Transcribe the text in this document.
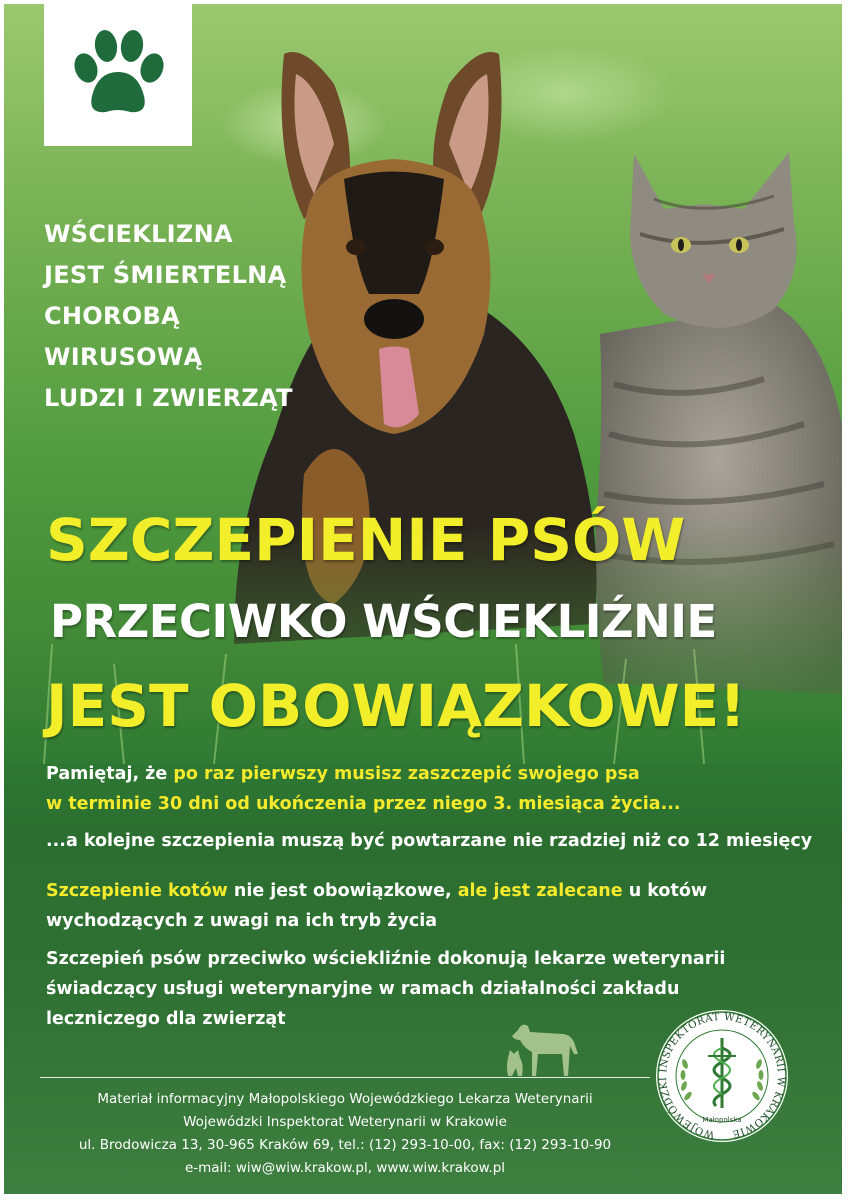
WŚCIEKLIZNA
JEST ŚMIERTELNĄ
CHOROBĄ
WIRUSOWĄ
LUDZI I ZWIERZĄT
SZCZEPIENIE PSÓW
PRZECIWKO WŚCIEKLIŹNIE
JEST OBOWIĄZKOWE!
Pamiętaj, że po raz pierwszy musisz zaszczepić swojego psa
w terminie 30 dni od ukończenia przez niego 3. miesiąca życia...
...a kolejne szczepienia muszą być powtarzane nie rzadziej niż co 12 miesięcy
Szczepienie kotów nie jest obowiązkowe, ale jest zalecane u kotów
wychodzących z uwagi na ich tryb życia
Szczepień psów przeciwko wściekliźnie dokonują lekarze weterynarii
świadczący usługi weterynaryjne w ramach działalności zakładu
leczniczego dla zwierząt
Materiał informacyjny Małopolskiego Wojewódzkiego Lekarza Weterynarii
Wojewódzki Inspektorat Weterynarii w Krakowie
ul. Brodowicza 13, 30-965 Kraków 69, tel.: (12) 293-10-00, fax: (12) 293-10-90
e-mail: wiw@wiw.krakow.pl, www.wiw.krakow.pl
WOJEWÓDZKI INSPEKTORAT WETERYNARII W KRAKOWIE
Małopolska
